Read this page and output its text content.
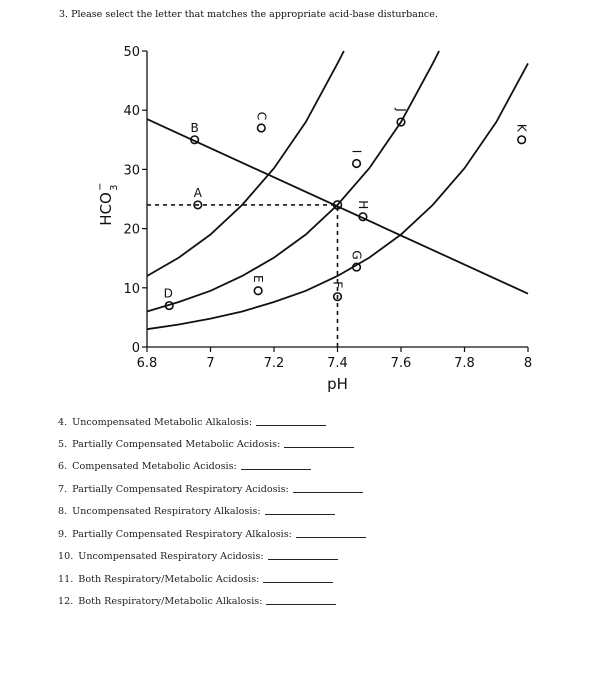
3. Please select the letter that matches the appropriate acid-base disturbance.
0
10
20
30
40
50
6.8	7	7.2	7.4	7.6	7.8	8
pH
HCO
3
−	A
B
C
D
E
F
G
H
I
J
K
4. Uncompensated Metabolic Alkalosis:
5. Partially Compensated Metabolic Acidosis:
6. Compensated Metabolic Acidosis:
7. Partially Compensated Respiratory Acidosis:
8. Uncompensated Respiratory Alkalosis:
9. Partially Compensated Respiratory Alkalosis:
10. Uncompensated Respiratory Acidosis:
11. Both Respiratory/Metabolic Acidosis:
12. Both Respiratory/Metabolic Alkalosis:
